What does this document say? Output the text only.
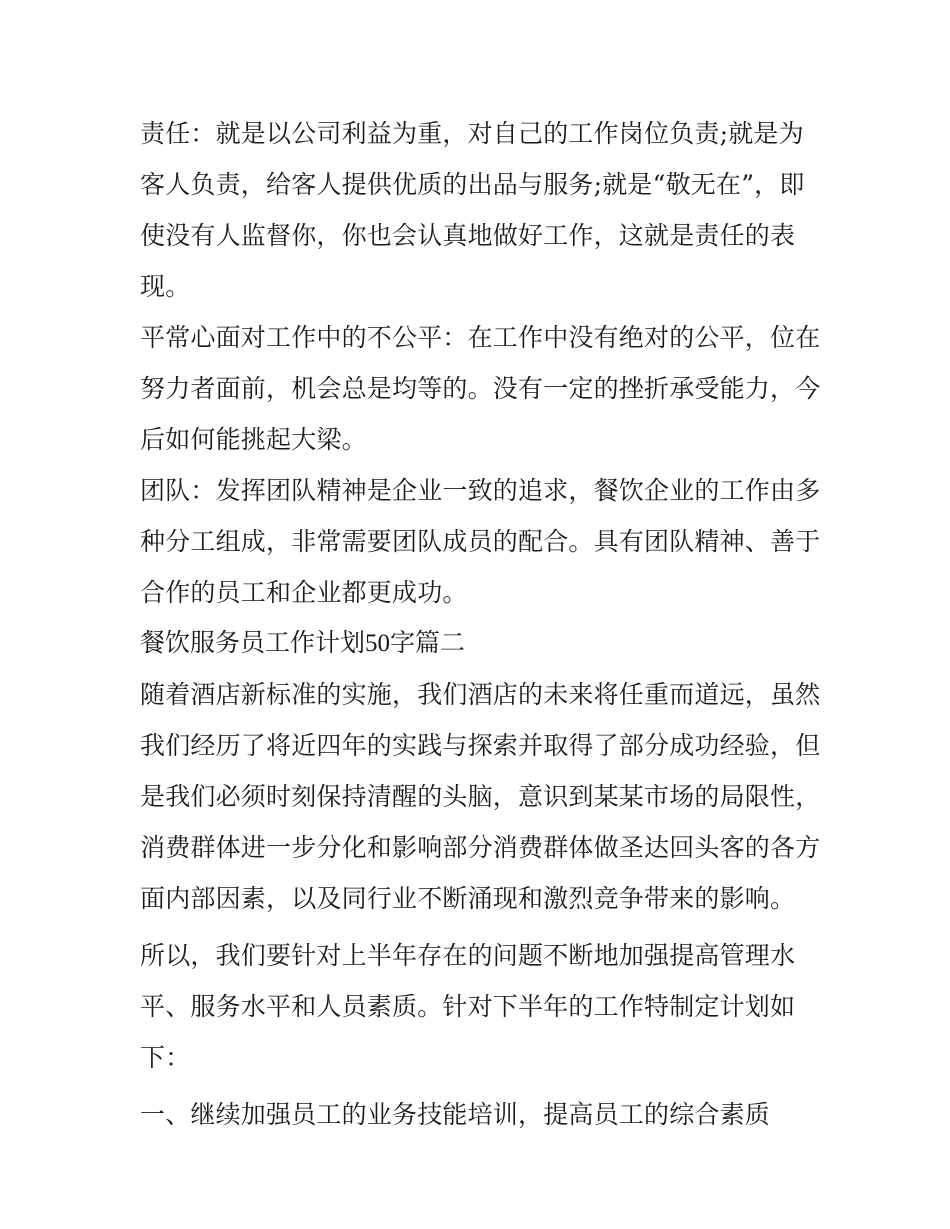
责任：就是以公司利益为重，对自己的工作岗位负责;就是为
客人负责，给客人提供优质的出品与服务;就是“敬无在”，即
使没有人监督你，你也会认真地做好工作，这就是责任的表
现。

平常心面对工作中的不公平：在工作中没有绝对的公平，位在
努力者面前，机会总是均等的。没有一定的挫折承受能力，今
后如何能挑起大梁。

团队：发挥团队精神是企业一致的追求，餐饮企业的工作由多
种分工组成，非常需要团队成员的配合。具有团队精神、善于
合作的员工和企业都更成功。

餐饮服务员工作计划50字篇二

随着酒店新标准的实施，我们酒店的未来将任重而道远，虽然
我们经历了将近四年的实践与探索并取得了部分成功经验，但
是我们必须时刻保持清醒的头脑，意识到某某市场的局限性，
消费群体进一步分化和影响部分消费群体做圣达回头客的各方
面内部因素，以及同行业不断涌现和激烈竞争带来的影响。

所以，我们要针对上半年存在的问题不断地加强提高管理水
平、服务水平和人员素质。针对下半年的工作特制定计划如
下：

一、继续加强员工的业务技能培训，提高员工的综合素质
